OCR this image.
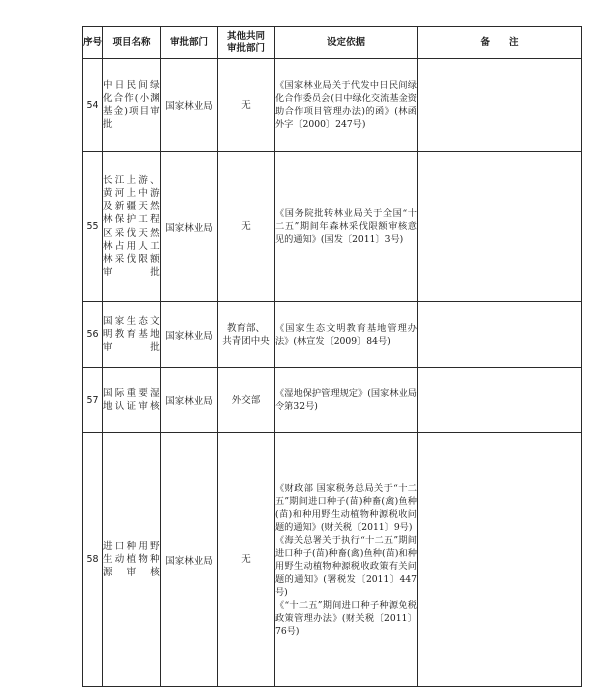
序号	项目名称	审批部门	其他共同
审批部门	设定依据	备　　注
54	中日民间绿化合作(小渊基金)项目审批	国家林业局	无	《国家林业局关于代发中日民间绿化合作委员会(日中绿化交流基金资助合作项目管理办法)的函》(林函外字〔2000〕247号)	

55	长江上游、黄河上中游及新疆天然林保护工程区采伐天然林占用人工林采伐限额审批	国家林业局	无	《国务院批转林业局关于全国“十二五”期间年森林采伐限额审核意见的通知》(国发〔2011〕3号)	

56	国家生态文明教育基地审批	国家林业局	教育部、
共青团中央	《国家生态文明教育基地管理办法》(林宣发〔2009〕84号)	

57	国际重要湿地认证审核	国家林业局	外交部	《湿地保护管理规定》(国家林业局令第32号)	

58	进口种用野生动植物种源审核	国家林业局	无	《财政部 国家税务总局关于“十二五”期间进口种子(苗)种畜(禽)鱼种(苗)和种用野生动植物种源税收问题的通知》(财关税〔2011〕9号)
《海关总署关于执行“十二五”期间进口种子(苗)种畜(禽)鱼种(苗)和种用野生动植物种源税收政策有关问题的通知》(署税发〔2011〕447号)
《“十二五”期间进口种子种源免税政策管理办法》(财关税〔2011〕76号)	
